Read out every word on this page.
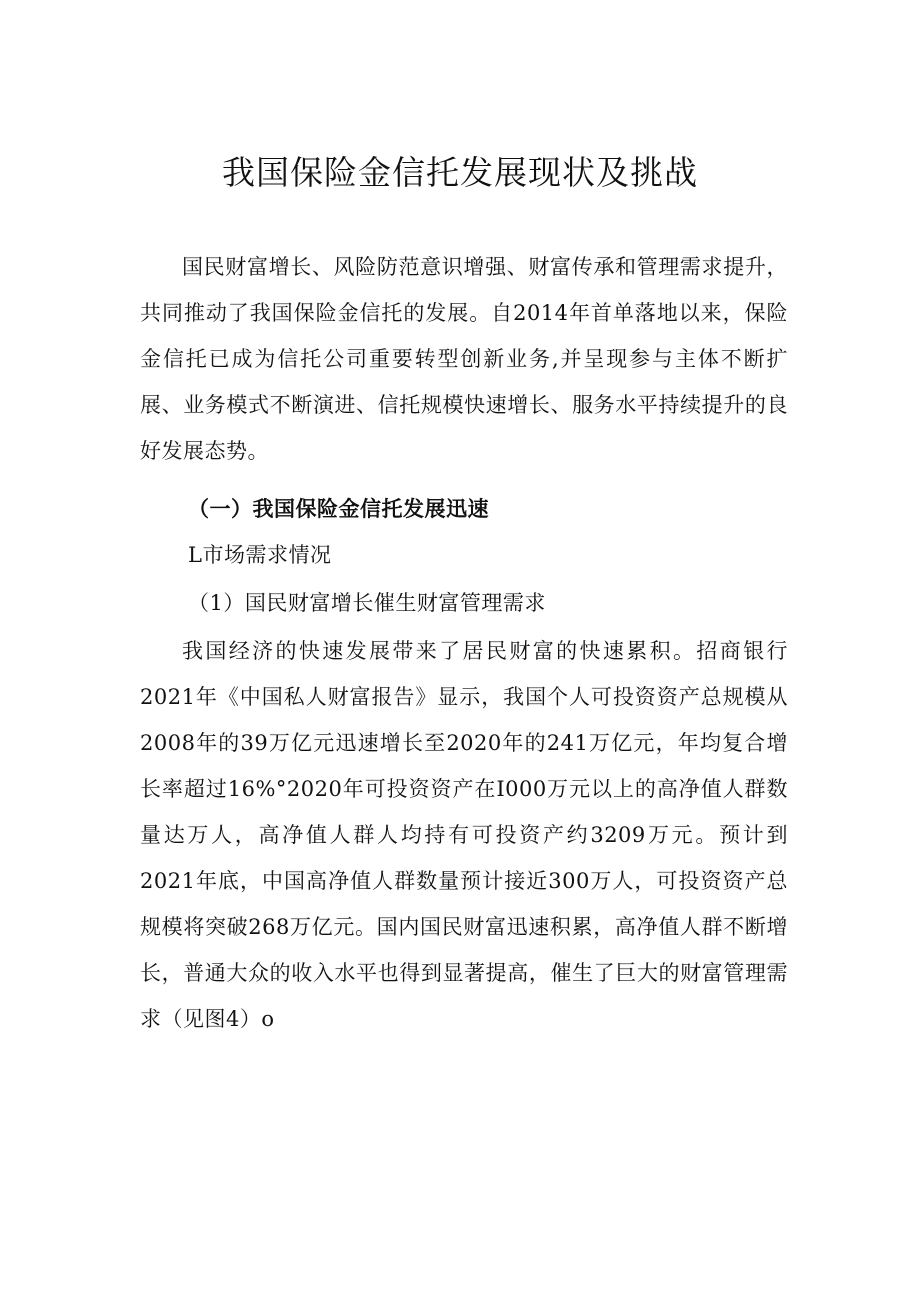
我国保险金信托发展现状及挑战

国民财富增长、风险防范意识增强、财富传承和管理需求提升，共同推动了我国保险金信托的发展。自2014年首单落地以来，保险金信托已成为信托公司重要转型创新业务,并呈现参与主体不断扩展、业务模式不断演进、信托规模快速增长、服务水平持续提升的良好发展态势。

（一）我国保险金信托发展迅速

L市场需求情况

（1）国民财富增长催生财富管理需求

我国经济的快速发展带来了居民财富的快速累积。招商银行2021年《中国私人财富报告》显示，我国个人可投资资产总规模从2008年的39万亿元迅速增长至2020年的241万亿元，年均复合增长率超过16%°2020年可投资资产在I000万元以上的高净值人群数量达万人，高净值人群人均持有可投资产约3209万元。预计到2021年底，中国高净值人群数量预计接近300万人，可投资资产总规模将突破268万亿元。国内国民财富迅速积累，高净值人群不断增长，普通大众的收入水平也得到显著提高，催生了巨大的财富管理需求（见图4）o
